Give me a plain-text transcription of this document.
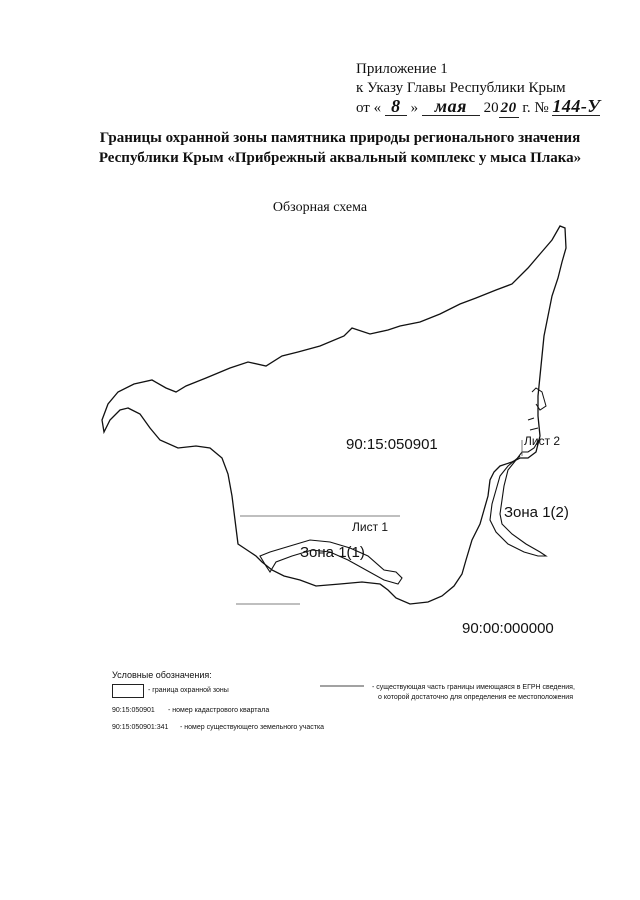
Приложение 1
к Указу Главы Республики Крым
от « 8 » мая 20 20 г. № 144-У
Границы охранной зоны памятника природы регионального значения
Республики Крым «Прибрежный аквальный комплекс у мыса Плака»
Обзорная схема
90:15:050901	Лист 2
Зона 1(2)
Лист 1
Зона 1(1)
90:00:000000
Условные обозначения:
- граница охранной зоны	- существующая часть границы имеющаяся в ЕГРН сведения,
о которой достаточно для определения ее местоположения
90:15:050901 - номер кадастрового квартала
90:15:050901:341 - номер существующего земельного участка
